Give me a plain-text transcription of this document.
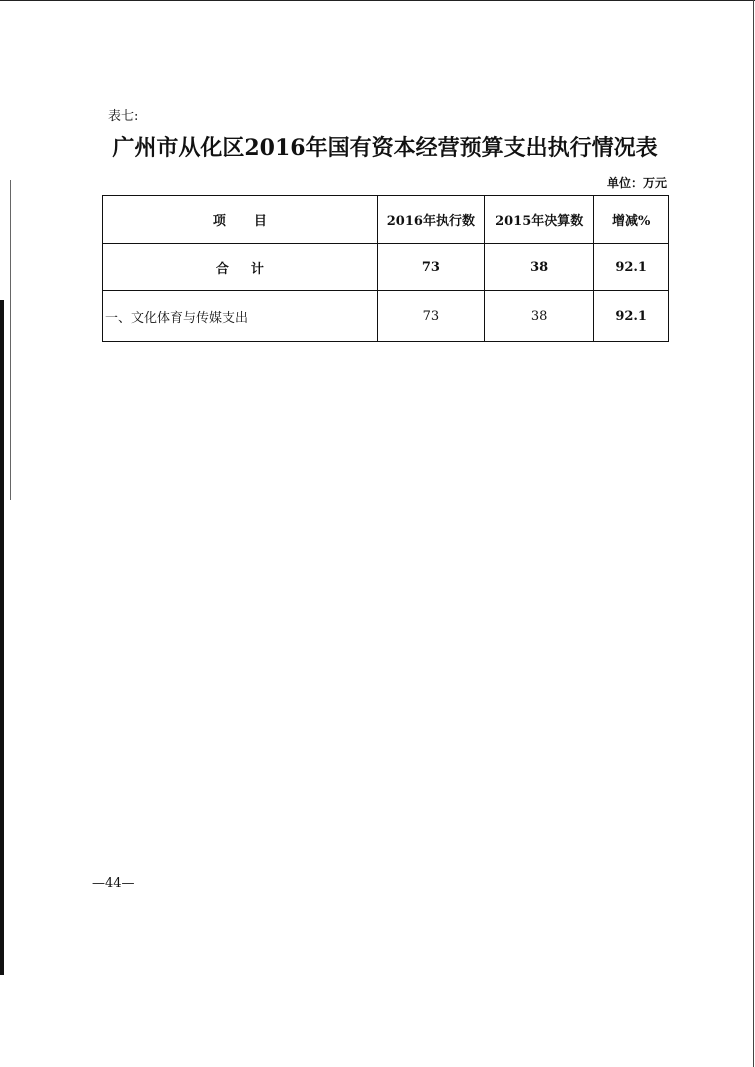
表七:
广州市从化区2016年国有资本经营预算支出执行情况表
单位：万元
项目	2016年执行数	2015年决算数	增减%
合计	73	38	92.1
一、文化体育与传媒支出	73	38	92.1
—44—
